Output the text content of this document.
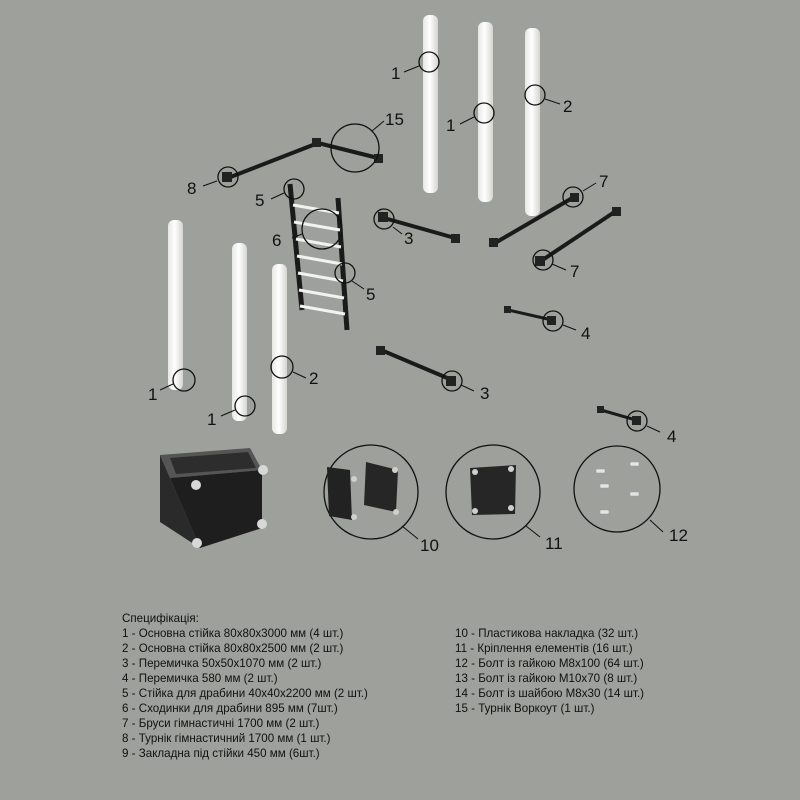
1
1
2
15
8
5
6
5
3
7
7
4
3
4
1
1
2
10	11	12
Специфікація:
1 - Основна стійка 80х80х3000 мм (4 шт.)
2 - Основна стійка 80х80х2500 мм (2 шт.)
3 - Перемичка 50х50х1070 мм (2 шт.)
4 - Перемичка 580 мм (2 шт.)
5 - Стійка для драбини 40х40х2200 мм (2 шт.)
6 - Сходинки для драбини 895 мм (7шт.)
7 - Бруси гімнастичні 1700 мм (2 шт.)
8 - Турнік гімнастичний 1700 мм (1 шт.)
9 - Закладна під стійки 450 мм (6шт.)
10 - Пластикова накладка (32 шт.)
11 - Кріплення елементів (16 шт.)
12 - Болт із гайкою М8х100 (64 шт.)
13 - Болт із гайкою М10х70 (8 шт.)
14 - Болт із шайбою М8х30 (14 шт.)
15 - Турнік Воркоут (1 шт.)
